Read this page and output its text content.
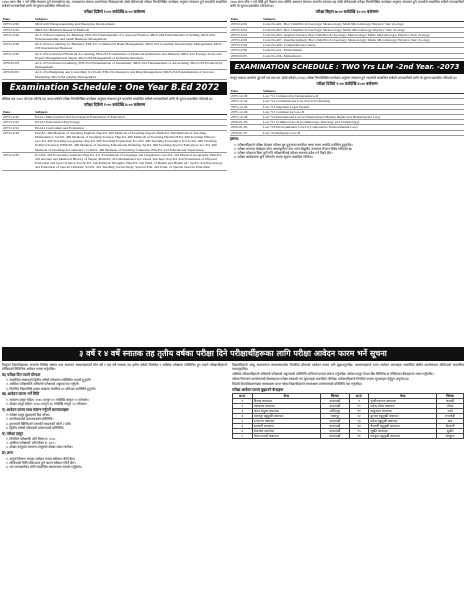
२०७४ साल पौष १ गते देखि संचालन हुने स्नातकोत्तर तह, व्यवस्थापन संकाय अन्तर्गतका विषयहरूको दोस्रो सेमेस्टरको परीक्षा निम्नलिखित कार्यक्रम अनुसार संचालन हुने भएकोले सम्बन्धित सबैको जानकारीको लागि यो सूचना प्रकाशित गरिएको छ।

परीक्षा दिउँसो १:०० बजेदेखि ४:०० बजेसम्म
Date	Subjects
2075/12/20	MGT-220 Entrepreneurship and Enterprise Development
2075/12/22	MKT-221 Business Research Methods
2075/12/26	ACC-258 Accounting for Banking; FIN-255 Fundamentals of Corporate Finance; MKT-256 Fundamentals of Selling; MGT-256 Entrepreneurship and Small Business Management
2075/12/28	ACC-254 Accounting for Business; FIN-251 Commercial Bank Management; MKT-253 Consumer Relationship Management; MGT-253 International Business
2075/12/30	ACC-252 Advanced Financial Accounting; FIN-252 Foundations of Financial Institutions and Markets; MKT-252 Foreign Trade and Export Management in Nepal; MGT-254 Management of Industrial Relations
2076/01/03	ACC-253 Advanced Auditing; FIN-253 Fundamentals of Investment; MKT-254 Fundamentals of Advertising; MGT-253 Productivity Management
2076/01/05	ACC-254 Budgeting and Controlling for Profit; FIN-254 Insurance and Risk Management; MKT-254 Fundamentals of Services Marketing; MGT-254 Quality Management
Examination Schedule : One Year B.Ed 2072

शैक्षिक सत्र २०७२ को एक वर्षे बि.एड. प्रथम वर्षको परीक्षा निम्नलिखित कार्यक्रम अनुसार संचालन हुने भएकोले सम्बन्धित सबैको जानकारीको लागि यो सूचना प्रकाशित गरिएको छ।

परीक्षा दिउँसो १:०० बजेदेखि ४:०० बजेसम्म
Date	Subjects
2075/12/20	Ed.411 Philosophical and Sociological Foundation of Education
2075/12/22	Ed.412 Educational Psychology
2075/12/24	Ed.414 Curriculum and Evaluation
2075/12/28	Eng.Ed. 490 Methods of Teaching English; Nep.Ed. 490 Methods of Teaching Nepali; Math.Ed. 490 Methods of Teaching Mathematics; Sci.Ed. 490 Methods of Teaching Science; Hpe.Ed. 490 Methods of Teaching Health; H.Ed. 490 Teaching History; Geo.Ed. 490 Teaching Geography; Pop.Ed. 490 Teaching Population; Eco.Ed. 490 Teaching Economics; Pol.Sc.Ed. 490 Teaching Political Science; EPM.Ed. 490 Methods of Teaching Educational Planning; Sp.Ed. 490 Teaching Special Education; Acc.Ed. 490 Methods of Teaching Accountancy; Com.Ed. 490 Methods of Teaching Computer; Edu.Ed. 413 Educational Supervision
2075/12/30	Eco.Ed. 416 Economics Analysis; Eng.Ed. 411 Foundations of Language and Linguistics; Geo.Ed. 416 Physical Geography; Hist.Ed. 416 Ancient and Medieval History of Nepal; Math.Ed. 416 Mathematics for school Teachers; Pop.Ed. 416 Foundation of Physical Education and Sport Science; Pol.Sc.Ed. 416 Political Thoughts; Hpe.Ed. 416 Fund. of Health and Health ed.; Sp.Ed. 416 Psychology and Education of Special Children; Sci.Ed. 416 Teaching Social Study; Special Edu. 416 Fund. of Special Need in Education

२०७४ साल पौष १ गते देखि हुने विज्ञान तथा प्रविधि अध्ययन संस्थान अन्तर्गत स्नातक तह दोस्रो सेमेस्टरको परीक्षा निम्नलिखित कार्यक्रम अनुसार संचालन हुने भएकोले सम्बन्धित सबैको जानकारीको लागि यो सूचना प्रकाशित गरिएको छ।

परीक्षा बिहान ७:०० बजेदेखि १०:०० बजेसम्म
Date	Subjects
2075/12/20	Code No.401- Bot/ Chm/Env.Sc/Geology/ Meteorology/ Math Microbiology/ Physics/ Stat/ Zoology
2075/12/22	Code No.403- Bot/ Chm/Env.Sc/Geology/ Meteorology/ Math/ Microbiology/ Physics/ Stat/ Zoology
2075/12/24	Code No.405- Applied Science/ Bot/ Chm/Env.Sc/Geology/ Meteorology/ Math/ Microbiology/ Physics/ Stat/ Zoology
2075/12/26	Code No.407- Interdisciplinary/ Bot/ Chm/Env.Sc/Geology/ Meteorology/ Math/ Microbiology/ Physics/ Stat/ Zoology
2075/12/28	Code No.409- Computational Course
2075/12/30	Code No.411- Environment
2076/01/05	Code No.456- Mathematics
EXAMINATION SCHEDULE : TWO Yrs LLM -2nd Year. -2073

कानुन संकाय अन्तर्गत दुई वर्षे एल.एल.एम. दोस्रो वर्षको (२०७३) परीक्षा निम्नलिखित कार्यक्रम अनुसार संचालन हुने भएकोले सम्बन्धित सबैको जानकारीको लागि यो सूचना प्रकाशित गरिएको छ।

परीक्षा दिउँसो १:०० बजेदेखि ४:०० बजेसम्म
Date	Subjects
2075-12-20	Law 711 Comparative Jurisprudence-II
2075-12-22	Law 714 Constitutional Law-II (Civil Liberties)
2075-12-24	Law 713 Nepalese Legal System
2075-12-26	Law 715 Commercial Law-II
2075-12-28	Law 716 International Law-II (International Human Rights and Humanitarian Law)
2076-01-03	Law 717 Criminal Law-II (Criminology, Penology and Victimology)
2076-01-05	Law 718 Environmental Law-II (Comparative Environmental Law)
2076-01-07	Law 719 Religious Law-II
द्रष्टव्य:

१. परीक्षार्थीहरूले परीक्षा केन्द्रमा परीक्षा शुरु हुनुभन्दा कम्तीमा आधा घण्टा अगाडि उपस्थित हुनुपर्नेछ।

२. परीक्षा भवनमा मोबाइल फोन, क्याल्कुलेटर तथा अन्य विद्युतीय उपकरण लैजान निषेध गरिएको छ।

३. परीक्षा प्रवेशपत्र बिना कुनै पनि परीक्षार्थीलाई परीक्षा भवनमा प्रवेश गर्न दिइने छैन।

४. परीक्षा कार्यक्रममा कुनै परिवर्तन भएमा सूचना प्रकाशित गरिनेछ।

३ वर्षे र ४ वर्षे स्नातक तह तृतीय वर्षका परीक्षा दिने परीक्षार्थीहरूका लागि परीक्षा आवेदन फारम भर्ने सूचना

त्रिभुवन विश्वविद्यालय अन्तर्गत विभिन्न संकाय तथा अध्ययन संस्थानहरूको तीन वर्षे र चार वर्षे स्नातक तह तृतीय वर्षको नियमित र आंशिक परीक्षामा सम्मिलित हुन चाहने परीक्षार्थीहरूले तोकिएको मितिभित्र आवेदन फारम भर्नुपर्नेछ।

क) परीक्षा दिन पाउने योग्यता

१. सम्बन्धित संकायको द्वितीय वर्षको परीक्षामा सम्मिलित भएको हुनुपर्ने।

२. आंशिक परीक्षार्थीले अघिल्लो परीक्षाको अङ्कपत्र पेश गर्नुपर्ने।

३. नियमित विद्यार्थीको हकमा कक्षामा कम्तीमा ७० प्रतिशत उपस्थिति हुनुपर्ने।

ख) आवेदन फारम भर्ने मिति

१. सामान्य दस्तुर सहित: २०७५ फागुन ०१ गतेदेखि फागुन १५ गतेसम्म।

२. दोब्बर दस्तुर सहित: २०७५ फागुन १६ गतेदेखि फागुन २५ गतेसम्म।

ग) आवेदन फारम साथ संलग्न गर्नुपर्ने कागजातहरू

१. परीक्षा दस्तुर बुझाएको बैंक भौचर।

२. नागरिकताको प्रमाणपत्रको प्रतिलिपि।

३. हालसालै खिचिएको पासपोर्ट साइजको फोटो २ प्रति।

४. द्वितीय वर्षको परीक्षाको प्रवेशपत्रको प्रतिलिपि।

घ) परीक्षा दस्तुर

१. नियमित परीक्षार्थी: प्रति विषय रु. ३५०/-

२. आंशिक परीक्षार्थी: प्रति विषय रु. ४००/-

३. दोब्बर दस्तुरमा सामान्य दस्तुरको दोब्बर रकम लाग्नेछ।

ङ) अन्य

१. अपूर्ण विवरण भएका आवेदन फारम स्वीकार गरिने छैन।

२. तोकिएको मिति पछि प्राप्त हुने फारम स्वीकार गरिने छैन।

३. थप जानकारीका लागि सम्बन्धित क्याम्पसमा सम्पर्क गर्नुहोला।

विद्यार्थीहरूले आफू अध्ययनरत क्याम्पसमार्फत निर्धारित ढाँचाको आवेदन फारम भरी बुझाउनुपर्नेछ। क्याम्पसहरूले प्राप्त आवेदन फारमहरू सम्बन्धित क्षेत्रीय कार्यालयमा तोकिएको समयभित्र पठाउनुपर्नेछ।

आंशिक परीक्षार्थीहरूले अघिल्लो परीक्षाको अङ्कपत्रको प्रतिलिपि अनिवार्य रूपमा संलग्न गर्नुपर्नेछ। परीक्षा दस्तुर नेपाल बैंक लिमिटेड वा तोकिएका बैंकहरूमा जम्मा गर्नुपर्नेछ।

परीक्षा नियन्त्रण कार्यालयको वेबसाइटमा परीक्षा सम्बन्धी थप सूचनाहरू प्रकाशित गरिनेछ। परीक्षार्थीहरूले नियमित रूपमा सूचनाहरू हेर्नुहुन अनुरोध छ।

विदेशी विश्वविद्यालयबाट समकक्षता प्राप्त गरेका विद्यार्थीहरूले समकक्षता प्रमाणपत्रको प्रतिलिपि पेश गर्नुपर्नेछ।

परीक्षा आवेदन फारम बुझाउने केन्द्रहरू
क्र.सं.	केन्द्र	जिल्ला	क्र.सं.	केन्द्र	जिल्ला
१	त्रिचन्द्र क्याम्पस	काठमाडौं	९	पृथ्वीनारायण क्याम्पस	कास्की
२	पद्मकन्या क्याम्पस	काठमाडौं	१०	महेन्द्र मोरङ क्याम्पस	मोरङ
३	पाटन संयुक्त क्याम्पस	ललितपुर	११	ठाकुरराम क्याम्पस	पर्सा
४	भक्तपुर बहुमुखी क्याम्पस	भक्तपुर	१२	बुटवल बहुमुखी क्याम्पस	रूपन्देही
५	रत्नराज्य क्याम्पस	काठमाडौं	१३	महेन्द्र बहुमुखी क्याम्पस	दाङ
६	सरस्वती क्याम्पस	काठमाडौं	१४	कैलाली बहुमुखी क्याम्पस	कैलाली
७	शंकरदेव क्याम्पस	काठमाडौं	१५	सुर्खेत क्याम्पस	सुर्खेत
८	नेपाल कमर्स क्याम्पस	काठमाडौं	१६	धनकुटा बहुमुखी क्याम्पस	धनकुटा
